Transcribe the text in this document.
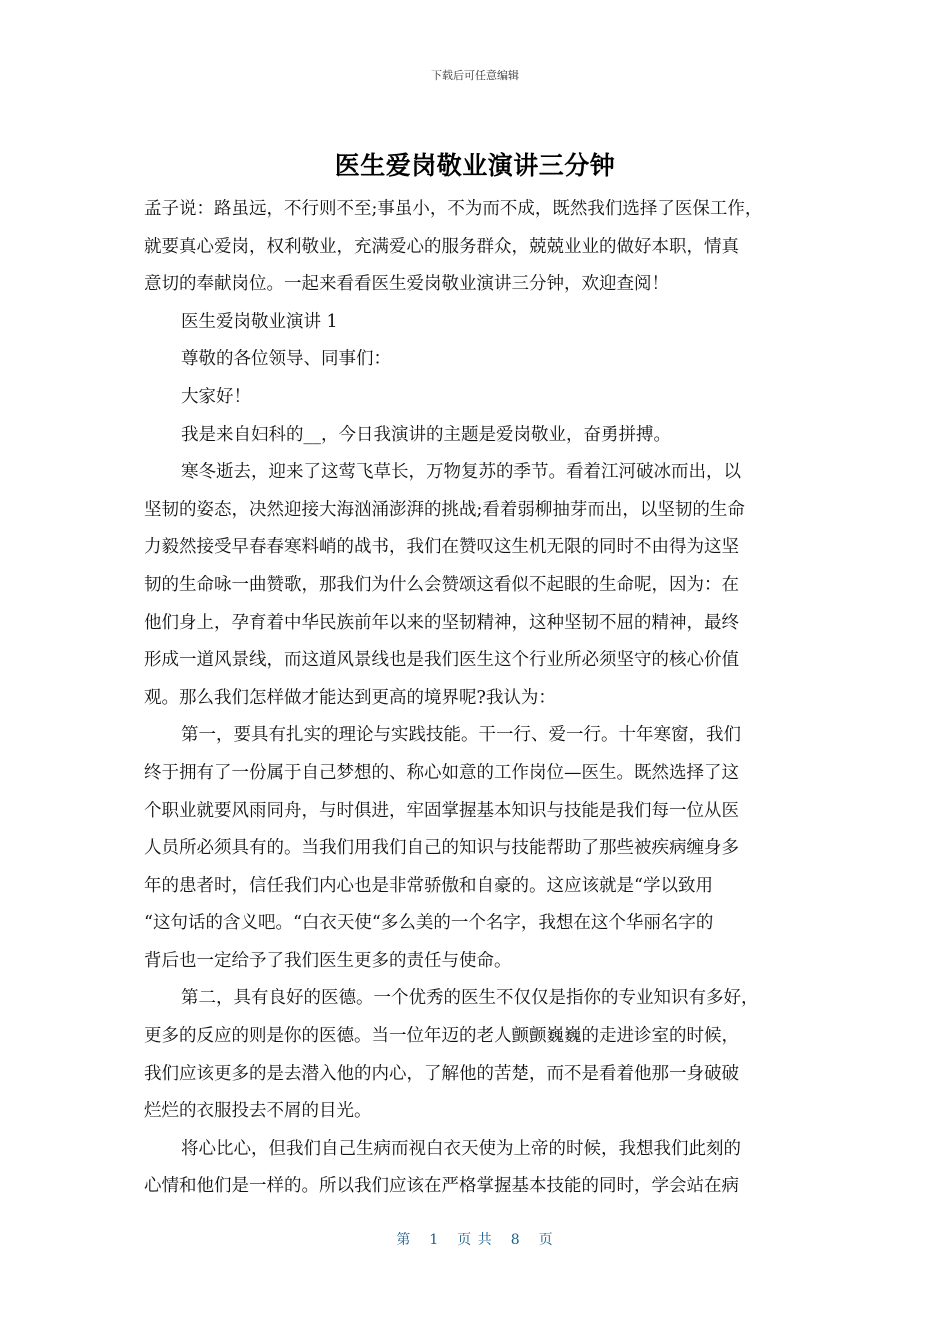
下载后可任意编辑
医生爱岗敬业演讲三分钟
孟子说：路虽远，不行则不至;事虽小，不为而不成，既然我们选择了医保工作，
就要真心爱岗，权利敬业，充满爱心的服务群众，兢兢业业的做好本职，情真
意切的奉献岗位。一起来看看医生爱岗敬业演讲三分钟，欢迎查阅！
医生爱岗敬业演讲 1
尊敬的各位领导、同事们：
大家好！
我是来自妇科的__，今日我演讲的主题是爱岗敬业，奋勇拼搏。
寒冬逝去，迎来了这莺飞草长，万物复苏的季节。看着江河破冰而出，以
坚韧的姿态，决然迎接大海汹涌澎湃的挑战;看着弱柳抽芽而出，以坚韧的生命
力毅然接受早春春寒料峭的战书，我们在赞叹这生机无限的同时不由得为这坚
韧的生命咏一曲赞歌，那我们为什么会赞颂这看似不起眼的生命呢，因为：在
他们身上，孕育着中华民族前年以来的坚韧精神，这种坚韧不屈的精神，最终
形成一道风景线，而这道风景线也是我们医生这个行业所必须坚守的核心价值
观。那么我们怎样做才能达到更高的境界呢?我认为：
第一，要具有扎实的理论与实践技能。干一行、爱一行。十年寒窗，我们
终于拥有了一份属于自己梦想的、称心如意的工作岗位—医生。既然选择了这
个职业就要风雨同舟，与时俱进，牢固掌握基本知识与技能是我们每一位从医
人员所必须具有的。当我们用我们自己的知识与技能帮助了那些被疾病缠身多
年的患者时，信任我们内心也是非常骄傲和自豪的。这应该就是“学以致用
“这句话的含义吧。“白衣天使“多么美的一个名字，我想在这个华丽名字的
背后也一定给予了我们医生更多的责任与使命。
第二，具有良好的医德。一个优秀的医生不仅仅是指你的专业知识有多好，
更多的反应的则是你的医德。当一位年迈的老人颤颤巍巍的走进诊室的时候，
我们应该更多的是去潜入他的内心，了解他的苦楚，而不是看着他那一身破破
烂烂的衣服投去不屑的目光。
将心比心，但我们自己生病而视白衣天使为上帝的时候，我想我们此刻的
心情和他们是一样的。所以我们应该在严格掌握基本技能的同时，学会站在病
第 1 页 共 8 页
